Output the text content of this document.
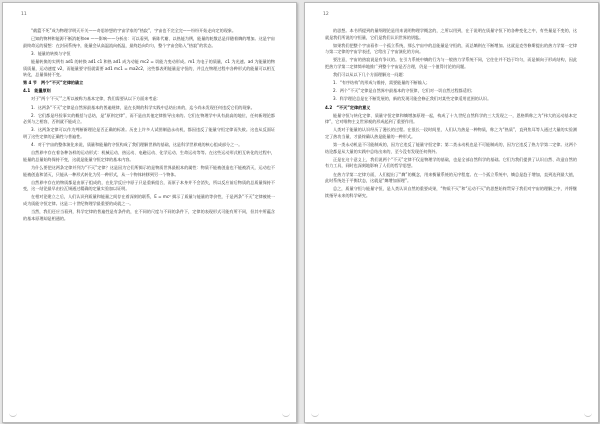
11

“截篮不死”成为物理学明天开关——奇思妙想的宇宙学家的“热寂”，宇宙也不完全完——纷纷开始走向定的现象。

已知的物种和能源不断消耗和ee ——影响——分析出：可以看到，新陈代谢、以热能为例，能量的耗散总是伴随着熵的增加。这是宇宙最终命运的猜想：在封闭系统中，能量会从高温流向低温，最终趋向均匀，整个宇宙会陷入“热寂”的状态。

3．能量的转换与守恒

能量转换的实例有 ad1 的转换 ad1 c1 和热 ad1 成为动能 mc2 = 切能力变动形成。m1 为电子的质量，c1 为光速。ad 为能量的物质质量，运动速度 v2，而能量要守恒就需要 ad1 mc1 = ma2c2，这些都表明能量是守恒的，并且在物理过程中各种形式的能量可以相互转化，总量保持不变。

第 4 节　两个“不灭”定律的确立

4.1　能量原则

对于“两个‘不灭’”之所以被称为基本定律，我们需要从以下方面来考虑：

1．这两条“不灭”定律是自然界最基本的普遍规律，是在长期的科学实践中总结出来的，迄今尚未发现任何违反它们的现象。

2．它们都是经验事实的概括与总结，是“原则定律”，而不是由其他定律推导出来的。它们在物理学中具有最高的地位，任何新理论都必须与之相容，否则就不能成立。

3．这两条定律可以作为判断新理论是否正确的标准。历史上许多人试图制造永动机，都因违反了能量守恒定律而失败。这也从反面证明了这些定律的正确性与普遍性。

4．对于宇宙的整体演化来说，质量和能量的守恒构成了我们理解世界的基础，这是科学世界观的核心组成部分之一。

自然界中存在着各种各样的运动形式：机械运动、热运动、电磁运动、化学运动、生命运动等等。在这些运动形式相互转化的过程中，能量的总量始终保持不变，这就是能量守恒定律的基本内容。

为什么要把这两条定律并列为“不灭”定律？这是因为它们所揭示的是物质世界最根本的属性：物质不能被创造也不能被消灭，运动也不能被创造和消灭，只能从一种形式转化为另一种形式，从一个物体转移到另一个物体。

自然界中存在的物质都是由原子组成的，在化学反应中原子只是重新组合，而原子本身并不会消失，所以反应前后物质的总质量保持不变，这一结论最早由拉瓦锡通过精确的定量实验加以证明。

在相对论建立之后，人们认识到质量和能量之间存在着深刻的联系，E = mc² 揭示了质量与能量的等价性，于是两条“不灭”定律被统一成为质能守恒定律。这是二十世纪物理学最重要的成就之一。

当然，我们还应当看到，科学定律的普遍性是有条件的，在不同的尺度与不同的条件下，定律的表现形式可能有所不同，但其中所蕴含的基本原理却是相通的。

12

的思想。本书所提到的量纲理论是用来说明物理学概念的，之所以用到，在于说明在质量守恒下的各种变化之中，有些量是不变的，这就是我们所说的守恒量，它们是我们认识世界的钥匙。

如果我们把整个宇宙看作一个孤立系统，那么宇宙中的总能量是守恒的，而总熵则在不断增加。这就是克劳修斯提出的热力学第一定律与第二定律的宇宙学表述，它给出了宇宙演化的方向。

要注意，宇宙的热寂说是有争议的。在引力系统中熵的行为与一般热力学系统不同，它往往并不趋于均匀，而是倾向于形成结构，因此把热力学第二定律简单地推广到整个宇宙是否合理，仍是一个值得讨论的问题。

我们可以从以下几个方面理解这一问题：

1．“有序结构”的形成与维持，需要能量的不断输入；

2．两个“不灭”定律是自然界中最基本的守恒律，它们对一切自然过程都适用；

3．科学理论总是在不断发展的，新的发现可能会修正我们对某些定律适用范围的认识。

4.2　“不灭”定律的意义

能量守恒与转化定律、质量守恒定律和熵增加原理一起，构成了十九世纪自然科学的三大发现之一，恩格斯称之为“伟大的运动基本定律”，它对唯物主义世界观的形成起到了重要作用。

人类对于能量的认识经历了漫长的过程。在很长一段时间里，人们认为热是一种物质，称之为“热质”，直到焦耳等人通过大量的实验测定了热功当量，才最终确认热是能量的一种形式。

第一类永动机是不可能制成的，因为它违反了能量守恒定律；第二类永动机也是不可能制成的，因为它违反了热力学第二定律。这两个结论都是从大量的实践中总结出来的，至今没有发现任何例外。

正是在这个意义上，我们说两个“不灭”定律不仅是物理学的基础，也是全部自然科学的基础。它们为我们提供了认识自然、改造自然的有力工具，同时也深刻地影响了人们的哲学思想。

在热力学第二定律方面，人们提出了“熵”的概念，用来衡量系统的无序程度。在一个孤立系统中，熵总是趋于增加，直到达到最大值，此时系统处于平衡状态，这就是“熵增加原理”。

总之，质量守恒与能量守恒，是人类认识自然的重要成果，“物质不灭”和“运动不灭”的思想始终贯穿于我们对宇宙的理解之中，并将继续指导未来的科学研究。
